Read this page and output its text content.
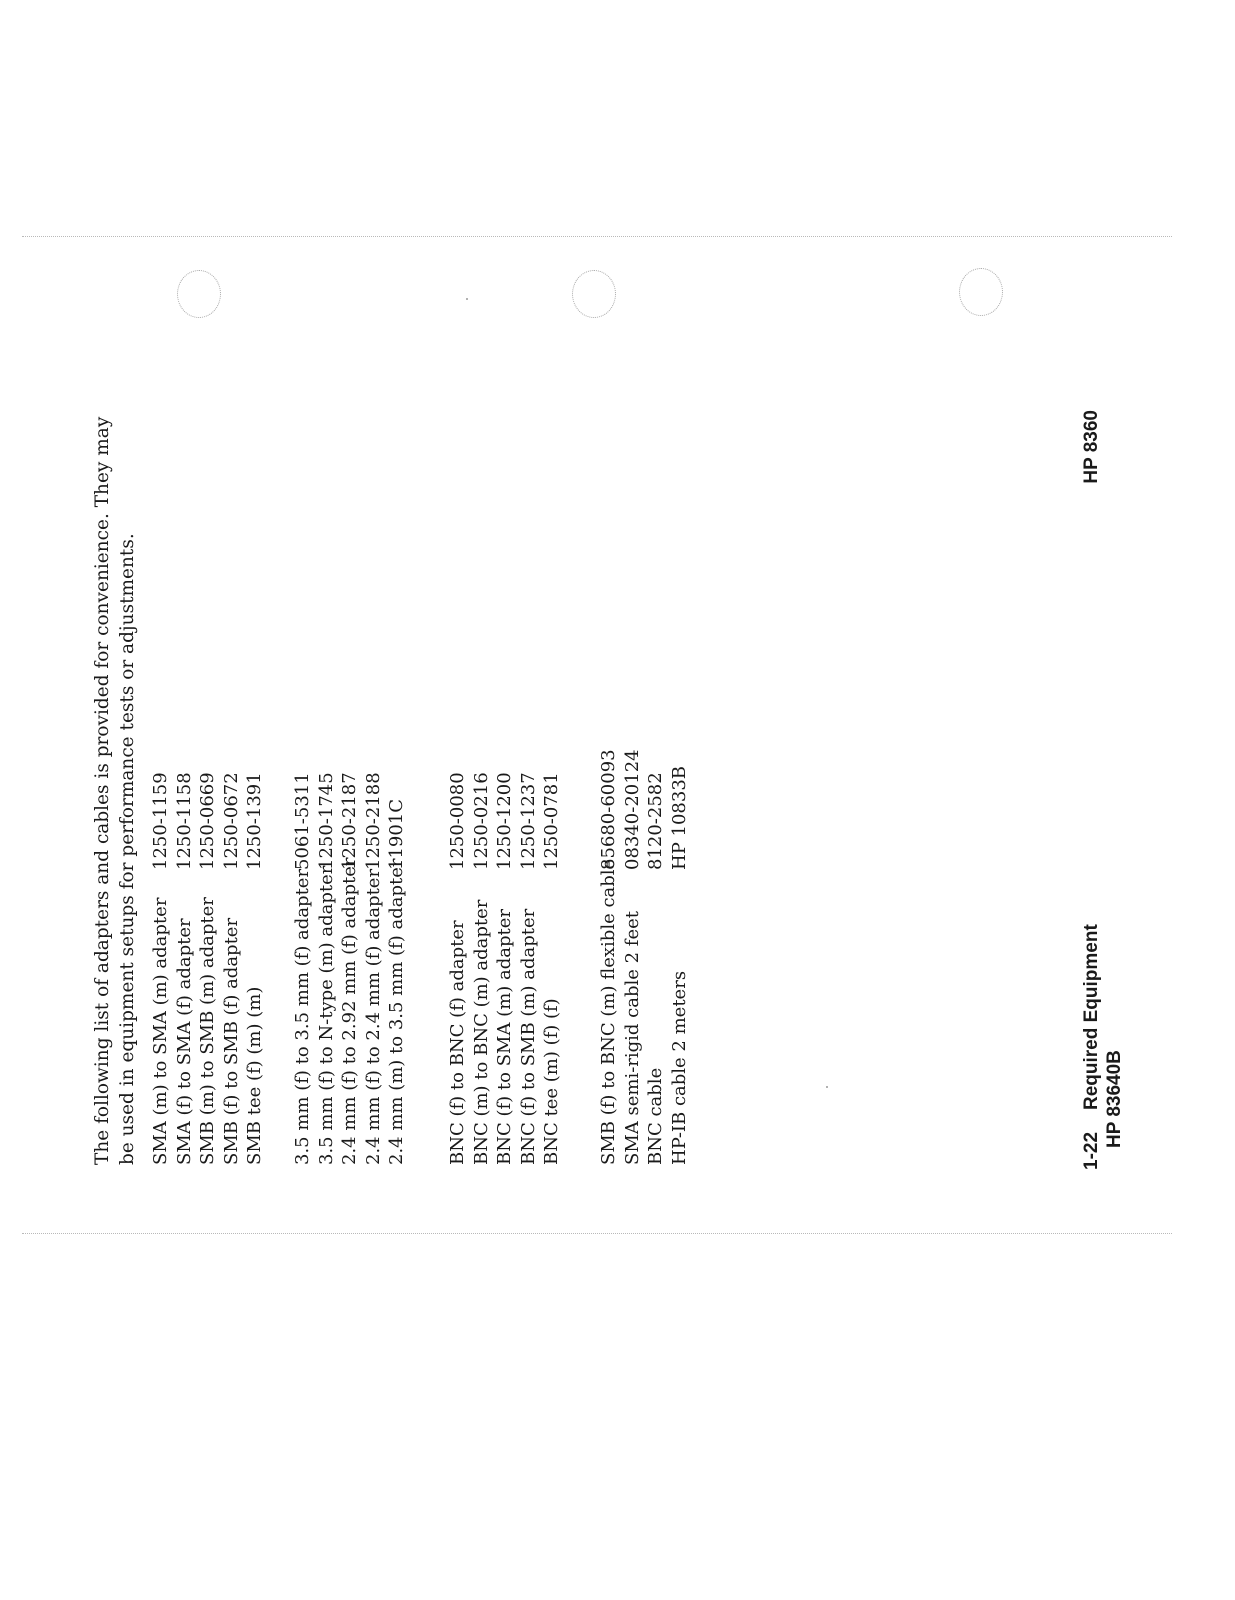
The following list of adapters and cables is provided for convenience. They may be used in equipment setups for performance tests or adjustments. SMA (m) to SMA (m) adapter
1250-1159
SMA (f) to SMA (f) adapter
1250-1158
SMB (m) to SMB (m) adapter
1250-0669
SMB (f) to SMB (f) adapter
1250-0672
SMB tee (f) (m) (m)
1250-1391
3.5 mm (f) to 3.5 mm (f) adapter
5061-5311
3.5 mm (f) to N-type (m) adapter
1250-1745
2.4 mm (f) to 2.92 mm (f) adapter
1250-2187
2.4 mm (f) to 2.4 mm (f) adapter
1250-2188
2.4 mm (m) to 3.5 mm (f) adapter
11901C
BNC (f) to BNC (f) adapter
1250-0080
BNC (m) to BNC (m) adapter
1250-0216
BNC (f) to SMA (m) adapter
1250-1200
BNC (f) to SMB (m) adapter
1250-1237
BNC tee (m) (f) (f)
1250-0781
SMB (f) to BNC (m) flexible cable
85680-60093
SMA semi-rigid cable 2 feet
08340-20124
BNC cable
8120-2582
HP-IB cable 2 meters
HP 10833B
1-22Required Equipment HP 83640B
HP 8360
